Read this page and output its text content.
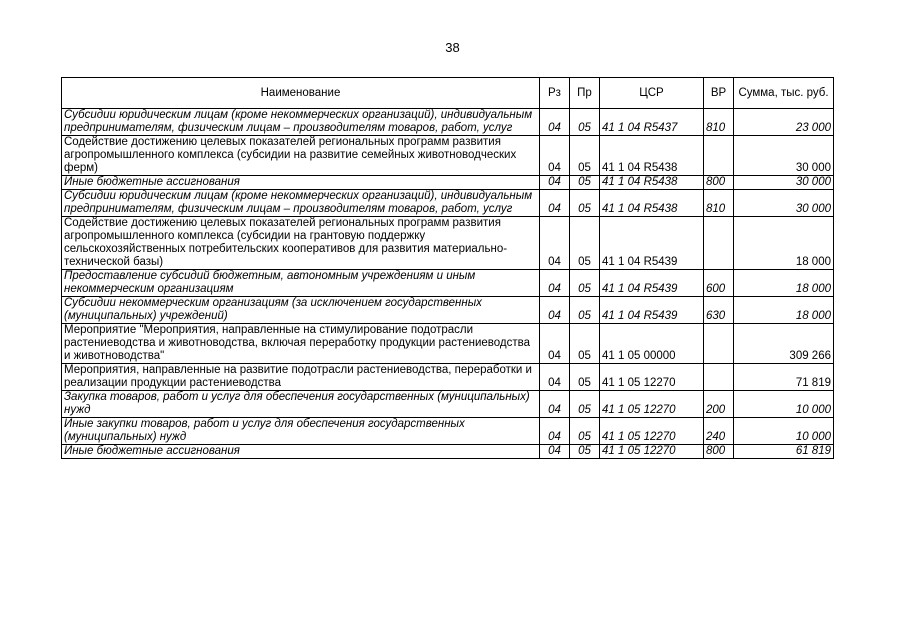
38
Наименование	Рз	Пр	ЦСР	ВР	Сумма, тыс. руб.
Субсидии юридическим лицам (кроме некоммерческих организаций), индивидуальным предпринимателям, физическим лицам – производителям товаров, работ, услуг	04	05	41 1 04 R5437	810	23 000
Содействие достижению целевых показателей региональных программ развития агропромышленного комплекса (субсидии на развитие семейных животноводческих ферм)	04	05	41 1 04 R5438		30 000
Иные бюджетные ассигнования	04	05	41 1 04 R5438	800	30 000
Субсидии юридическим лицам (кроме некоммерческих организаций), индивидуальным предпринимателям, физическим лицам – производителям товаров, работ, услуг	04	05	41 1 04 R5438	810	30 000
Содействие достижению целевых показателей региональных программ развития агропромышленного комплекса (субсидии на грантовую поддержку сельскохозяйственных потребительских кооперативов для развития материально-технической базы)	04	05	41 1 04 R5439		18 000
Предоставление субсидий бюджетным, автономным учреждениям и иным некоммерческим организациям	04	05	41 1 04 R5439	600	18 000
Субсидии некоммерческим организациям (за исключением государственных (муниципальных) учреждений)	04	05	41 1 04 R5439	630	18 000
Мероприятие "Мероприятия, направленные на стимулирование подотрасли растениеводства и животноводства, включая переработку продукции растениеводства и животноводства"	04	05	41 1 05 00000		309 266
Мероприятия, направленные на развитие подотрасли растениеводства, переработки и реализации продукции растениеводства	04	05	41 1 05 12270		71 819
Закупка товаров, работ и услуг для обеспечения государственных (муниципальных) нужд	04	05	41 1 05 12270	200	10 000
Иные закупки товаров, работ и услуг для обеспечения государственных (муниципальных) нужд	04	05	41 1 05 12270	240	10 000
Иные бюджетные ассигнования	04	05	41 1 05 12270	800	61 819
